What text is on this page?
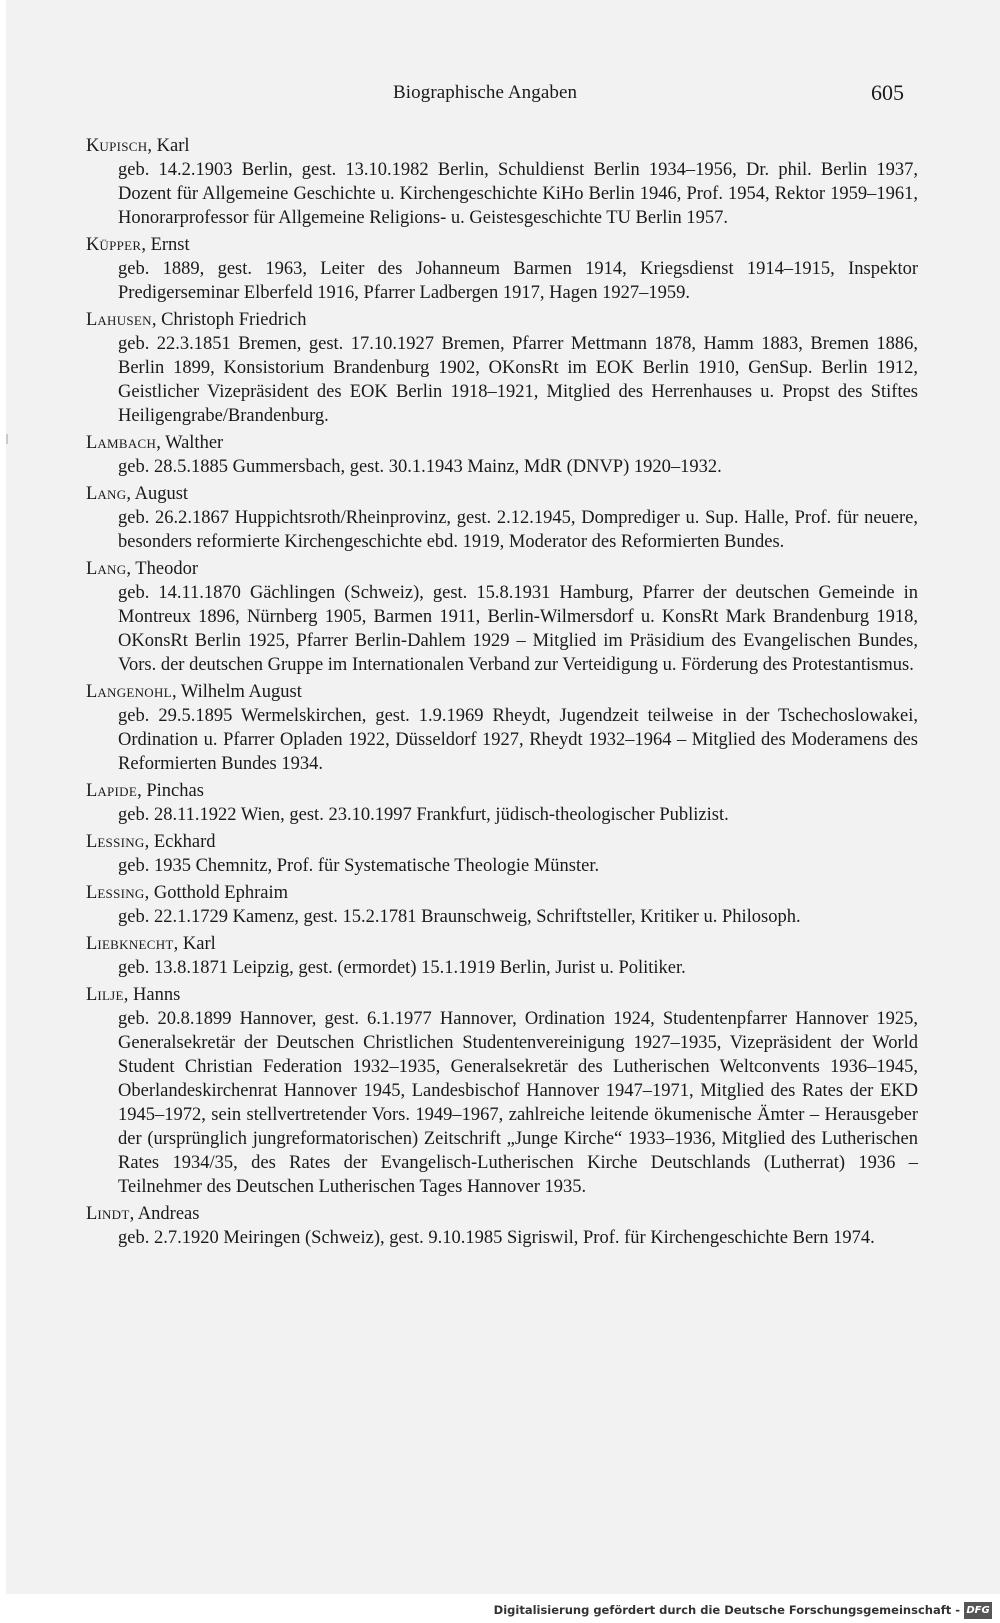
Biographische Angaben	605

Kupisch, Karl

geb. 14.2.1903 Berlin, gest. 13.10.1982 Berlin, Schuldienst Berlin 1934–1956, Dr. phil. Berlin 1937, Dozent für Allgemeine Geschichte u. Kirchengeschichte KiHo Berlin 1946, Prof. 1954, Rektor 1959–1961, Honorarprofessor für Allgemeine Religions- u. Geistesgeschichte TU Berlin 1957.

Küpper, Ernst

geb. 1889, gest. 1963, Leiter des Johanneum Barmen 1914, Kriegsdienst 1914–1915, Inspektor Predigerseminar Elberfeld 1916, Pfarrer Ladbergen 1917, Hagen 1927–1959.

Lahusen, Christoph Friedrich

geb. 22.3.1851 Bremen, gest. 17.10.1927 Bremen, Pfarrer Mettmann 1878, Hamm 1883, Bremen 1886, Berlin 1899, Konsistorium Brandenburg 1902, OKonsRt im EOK Berlin 1910, GenSup. Berlin 1912, Geistlicher Vizepräsident des EOK Berlin 1918–1921, Mitglied des Herrenhauses u. Propst des Stiftes Heiligengrabe/Brandenburg.

Lambach, Walther

geb. 28.5.1885 Gummersbach, gest. 30.1.1943 Mainz, MdR (DNVP) 1920–1932.

Lang, August

geb. 26.2.1867 Huppichtsroth/Rheinprovinz, gest. 2.12.1945, Domprediger u. Sup. Halle, Prof. für neuere, besonders reformierte Kirchengeschichte ebd. 1919, Moderator des Reformierten Bundes.

Lang, Theodor

geb. 14.11.1870 Gächlingen (Schweiz), gest. 15.8.1931 Hamburg, Pfarrer der deutschen Gemeinde in Montreux 1896, Nürnberg 1905, Barmen 1911, Berlin-Wilmersdorf u. KonsRt Mark Brandenburg 1918, OKonsRt Berlin 1925, Pfarrer Berlin-Dahlem 1929 – Mitglied im Präsidium des Evangelischen Bundes, Vors. der deutschen Gruppe im Internationalen Verband zur Verteidigung u. Förderung des Protestantismus.

Langenohl, Wilhelm August

geb. 29.5.1895 Wermelskirchen, gest. 1.9.1969 Rheydt, Jugendzeit teilweise in der Tschechoslowakei, Ordination u. Pfarrer Opladen 1922, Düsseldorf 1927, Rheydt 1932–1964 – Mitglied des Moderamens des Reformierten Bundes 1934.

Lapide, Pinchas

geb. 28.11.1922 Wien, gest. 23.10.1997 Frankfurt, jüdisch-theologischer Publizist.

Lessing, Eckhard

geb. 1935 Chemnitz, Prof. für Systematische Theologie Münster.

Lessing, Gotthold Ephraim

geb. 22.1.1729 Kamenz, gest. 15.2.1781 Braunschweig, Schriftsteller, Kritiker u. Philosoph.

Liebknecht, Karl

geb. 13.8.1871 Leipzig, gest. (ermordet) 15.1.1919 Berlin, Jurist u. Politiker.

Lilje, Hanns

geb. 20.8.1899 Hannover, gest. 6.1.1977 Hannover, Ordination 1924, Studentenpfarrer Hannover 1925, Generalsekretär der Deutschen Christlichen Studentenvereinigung 1927–1935, Vizepräsident der World Student Christian Federation 1932–1935, Generalsekretär des Lutherischen Weltconvents 1936–1945, Oberlandeskirchenrat Hannover 1945, Landesbischof Hannover 1947–1971, Mitglied des Rates der EKD 1945–1972, sein stellvertretender Vors. 1949–1967, zahlreiche leitende ökumenische Ämter – Herausgeber der (ursprünglich jungreformatorischen) Zeitschrift „Junge Kirche“ 1933–1936, Mitglied des Lutherischen Rates 1934/35, des Rates der Evangelisch-Lutherischen Kirche Deutschlands (Lutherrat) 1936 – Teilnehmer des Deutschen Lutherischen Tages Hannover 1935.

Lindt, Andreas

geb. 2.7.1920 Meiringen (Schweiz), gest. 9.10.1985 Sigriswil, Prof. für Kirchengeschichte Bern 1974.

Digitalisierung gefördert durch die Deutsche Forschungsgemeinschaft - DFG
